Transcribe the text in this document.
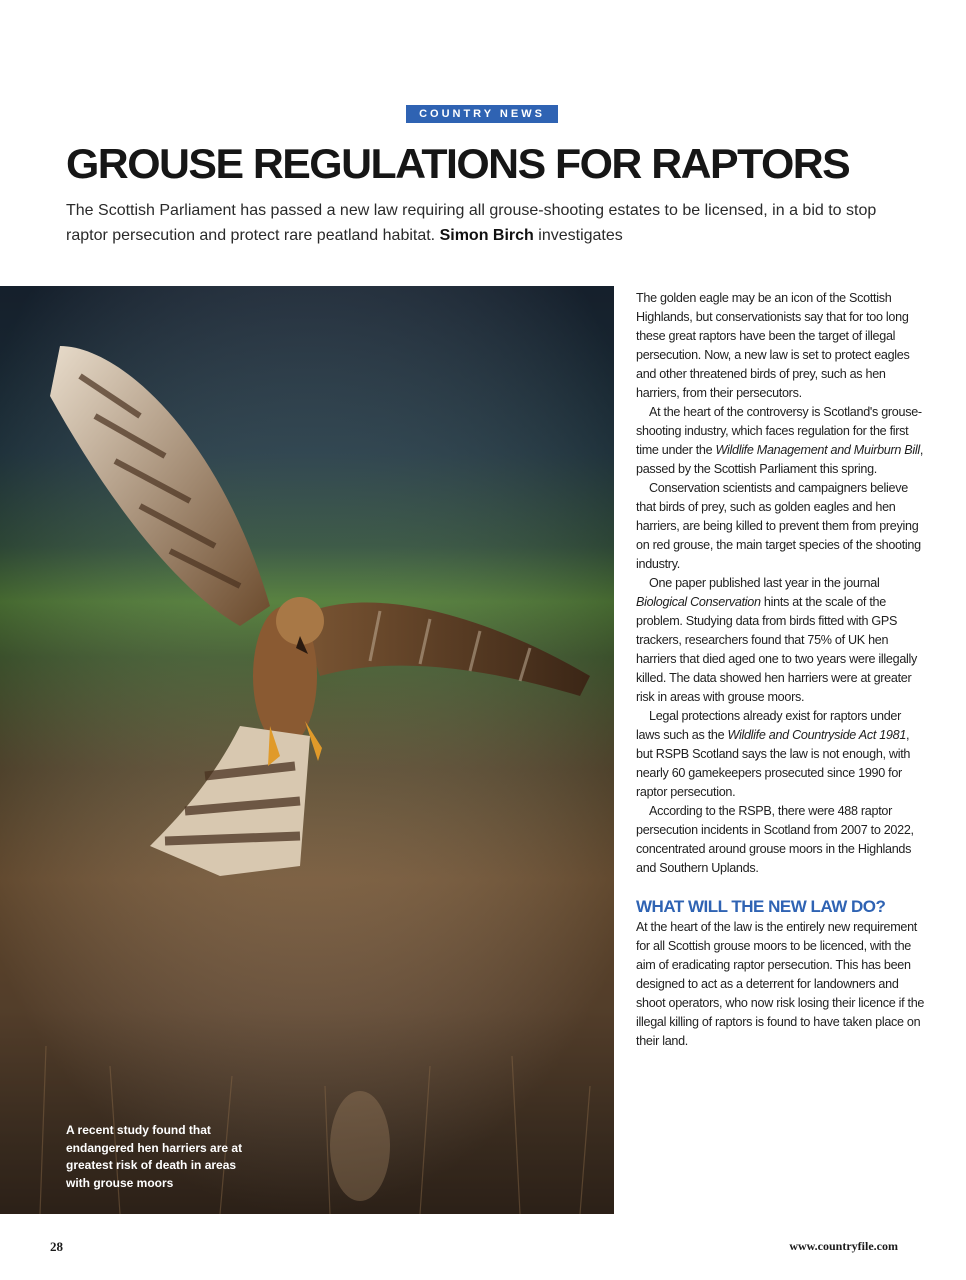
COUNTRY NEWS
GROUSE REGULATIONS FOR RAPTORS

The Scottish Parliament has passed a new law requiring all grouse-shooting estates to be licensed, in a bid to stop raptor persecution and protect rare peatland habitat. Simon Birch investigates

A recent study found that endangered hen harriers are at greatest risk of death in areas with grouse moors

The golden eagle may be an icon of the Scottish Highlands, but conservationists say that for too long these great raptors have been the target of illegal persecution. Now, a new law is set to protect eagles and other threatened birds of prey, such as hen harriers, from their persecutors.

At the heart of the controversy is Scotland's grouse-shooting industry, which faces regulation for the first time under the Wildlife Management and Muirburn Bill, passed by the Scottish Parliament this spring.

Conservation scientists and campaigners believe that birds of prey, such as golden eagles and hen harriers, are being killed to prevent them from preying on red grouse, the main target species of the shooting industry.

One paper published last year in the journal Biological Conservation hints at the scale of the problem. Studying data from birds fitted with GPS trackers, researchers found that 75% of UK hen harriers that died aged one to two years were illegally killed. The data showed hen harriers were at greater risk in areas with grouse moors.

Legal protections already exist for raptors under laws such as the Wildlife and Countryside Act 1981, but RSPB Scotland says the law is not enough, with nearly 60 gamekeepers prosecuted since 1990 for raptor persecution.

According to the RSPB, there were 488 raptor persecution incidents in Scotland from 2007 to 2022, concentrated around grouse moors in the Highlands and Southern Uplands.

WHAT WILL THE NEW LAW DO?

At the heart of the law is the entirely new requirement for all Scottish grouse moors to be licenced, with the aim of eradicating raptor persecution. This has been designed to act as a deterrent for landowners and shoot operators, who now risk losing their licence if the illegal killing of raptors is found to have taken place on their land.

28	www.countryfile.com
